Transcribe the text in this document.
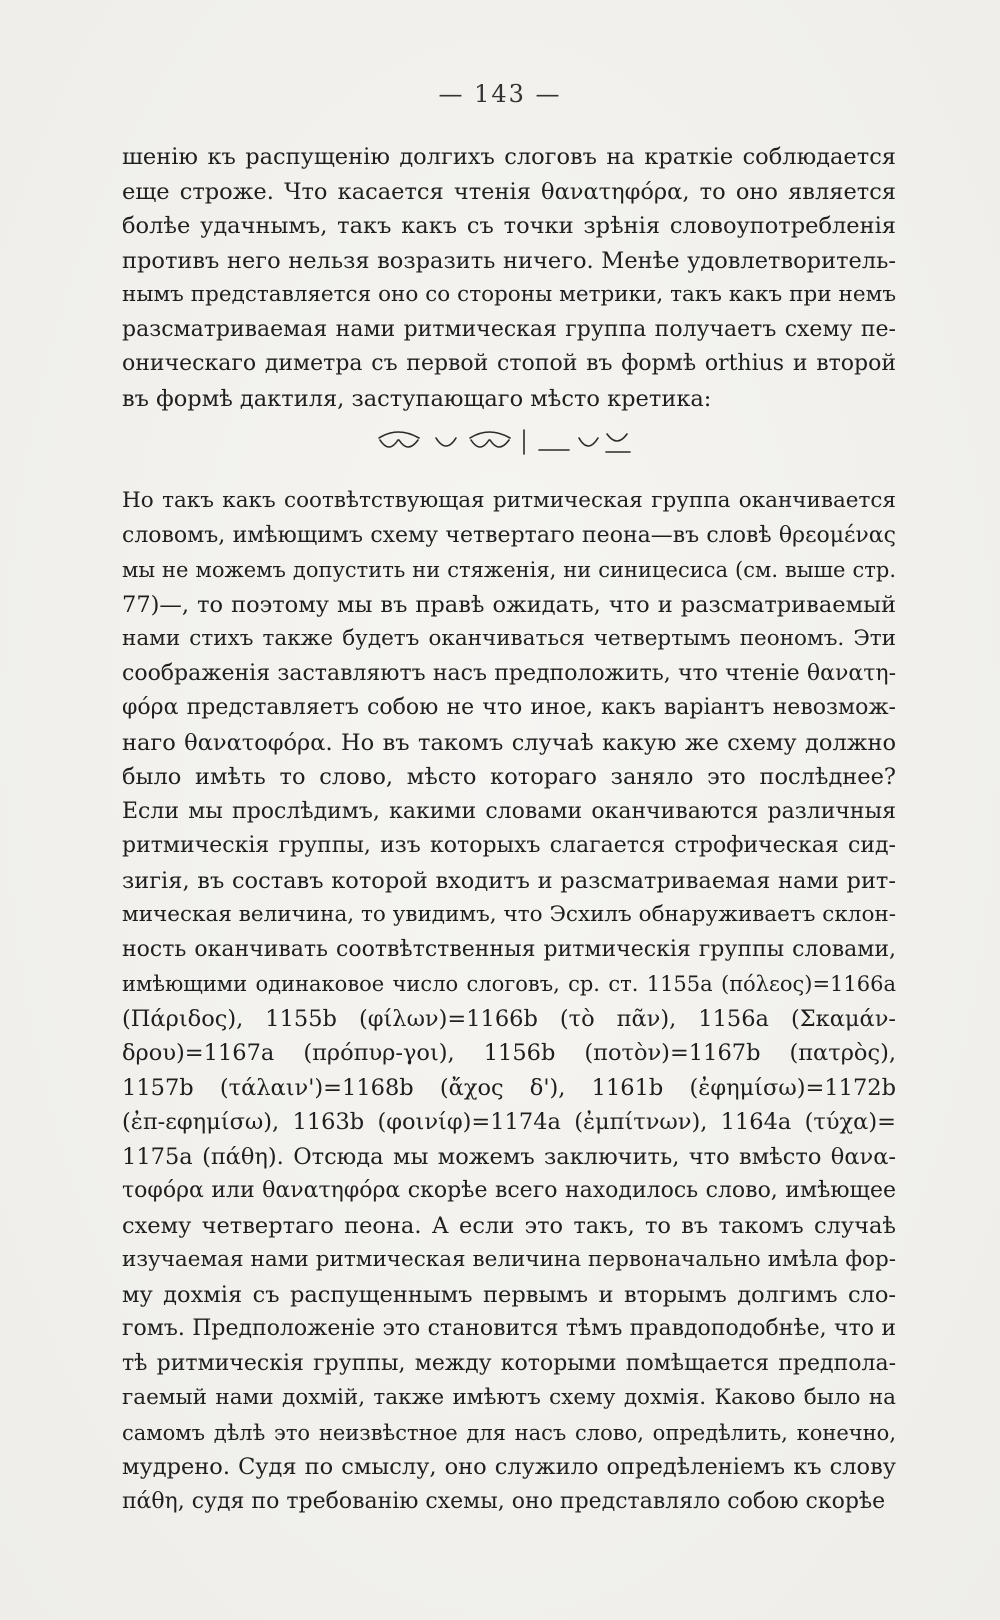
— 143 —
шенію къ распущенію долгихъ слоговъ на краткіе соблюдается
еще строже. Что касается чтенія θανατηφόρα, то оно является
болѣе удачнымъ, такъ какъ съ точки зрѣнія словоупотребленія
противъ него нельзя возразить ничего. Менѣе удовлетворитель-
нымъ представляется оно со стороны метрики, такъ какъ при немъ
разсматриваемая нами ритмическая группа получаетъ схему пе-
оническаго диметра съ первой стопой въ формѣ orthius и второй
въ формѣ дактиля, заступающаго мѣсто кретика:
Но такъ какъ соотвѣтствующая ритмическая группа оканчивается
словомъ, имѣющимъ схему четвертаго пеона—въ словѣ θρεομένας
мы не можемъ допустить ни стяженія, ни синицесиса (см. выше стр.
77)—, то поэтому мы въ правѣ ожидать, что и разсматриваемый
нами стихъ также будетъ оканчиваться четвертымъ пеономъ. Эти
соображенія заставляютъ насъ предположить, что чтеніе θανατη-
φόρα представляетъ собою не что иное, какъ варіантъ невозмож-
наго θανατοφόρα. Но въ такомъ случаѣ какую же схему должно
было имѣть то слово, мѣсто котораго заняло это послѣднее?
Если мы прослѣдимъ, какими словами оканчиваются различныя
ритмическія группы, изъ которыхъ слагается строфическая сид-
зигія, въ составъ которой входитъ и разсматриваемая нами рит-
мическая величина, то увидимъ, что Эсхилъ обнаруживаетъ склон-
ность оканчивать соотвѣтственныя ритмическія группы словами,
имѣющими одинаковое число слоговъ, ср. ст. 1155a (πόλεος)=1166a
(Πάριδος), 1155b (φίλων)=1166b (τὸ πᾶν), 1156a (Σκαμάν-
δρου)=1167a (πρόπυρ-γοι), 1156b (ποτὸν)=1167b (πατρὸς),
1157b (τάλαιν')=1168b (ἄχος δ'), 1161b (ἐφημίσω)=1172b
(ἐπ-εφημίσω), 1163b (φοινίφ)=1174a (ἐμπίτνων), 1164a (τύχα)=
1175a (πάθη). Отсюда мы можемъ заключить, что вмѣсто θανα-
τοφόρα или θανατηφόρα скорѣе всего находилось слово, имѣющее
схему четвертаго пеона. А если это такъ, то въ такомъ случаѣ
изучаемая нами ритмическая величина первоначально имѣла фор-
му дохмія съ распущеннымъ первымъ и вторымъ долгимъ сло-
гомъ. Предположеніе это становится тѣмъ правдоподобнѣе, что и
тѣ ритмическія группы, между которыми помѣщается предпола-
гаемый нами дохмій, также имѣютъ схему дохмія. Каково было на
самомъ дѣлѣ это неизвѣстное для насъ слово, опредѣлить, конечно,
мудрено. Судя по смыслу, оно служило опредѣленіемъ къ слову
πάθη, судя по требованію схемы, оно представляло собою скорѣе
